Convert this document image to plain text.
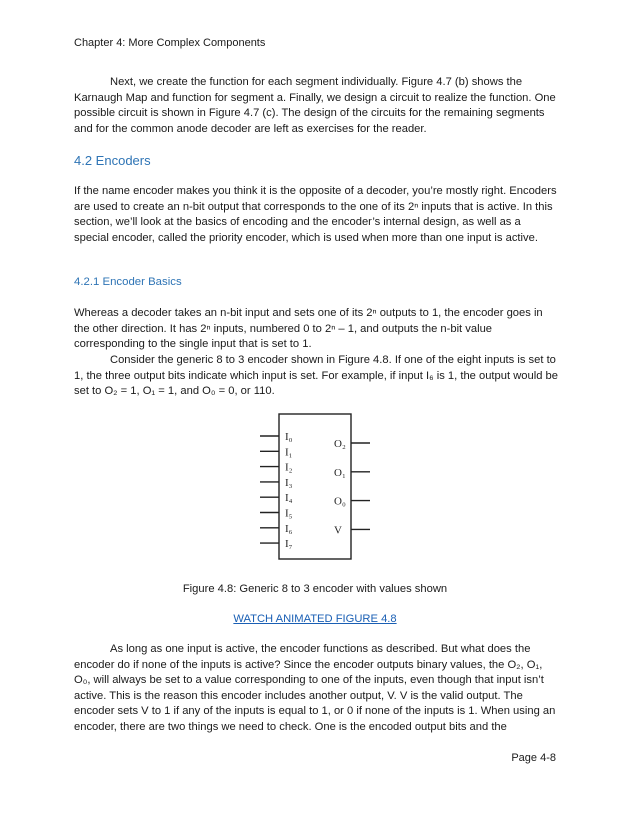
Chapter 4: More Complex Components

Next, we create the function for each segment individually. Figure 4.7 (b) shows the Karnaugh Map and function for segment a. Finally, we design a circuit to realize the function. One possible circuit is shown in Figure 4.7 (c). The design of the circuits for the remaining segments and for the common anode decoder are left as exercises for the reader.

4.2 Encoders

If the name encoder makes you think it is the opposite of a decoder, you’re mostly right. Encoders are used to create an n-bit output that corresponds to the one of its 2ⁿ inputs that is active. In this section, we’ll look at the basics of encoding and the encoder’s internal design, as well as a special encoder, called the priority encoder, which is used when more than one input is active.

4.2.1 Encoder Basics

Whereas a decoder takes an n-bit input and sets one of its 2ⁿ outputs to 1, the encoder goes in the other direction. It has 2ⁿ inputs, numbered 0 to 2ⁿ – 1, and outputs the n-bit value corresponding to the single input that is set to 1.

Consider the generic 8 to 3 encoder shown in Figure 4.8. If one of the eight inputs is set to 1, the three output bits indicate which input is set. For example, if input I₆ is 1, the output would be set to O₂ = 1, O₁ = 1, and O₀ = 0, or 110.

I₀
I₁
I₂
I₃
I₄
I₅
I₆
I₇
O₂
O₁
O₀
V
Figure 4.8: Generic 8 to 3 encoder with values shown
WATCH ANIMATED FIGURE 4.8

As long as one input is active, the encoder functions as described. But what does the encoder do if none of the inputs is active? Since the encoder outputs binary values, the O₂, O₁, O₀, will always be set to a value corresponding to one of the inputs, even though that input isn’t active. This is the reason this encoder includes another output, V. V is the valid output. The encoder sets V to 1 if any of the inputs is equal to 1, or 0 if none of the inputs is 1. When using an encoder, there are two things we need to check. One is the encoded output bits and the

Page 4-8
